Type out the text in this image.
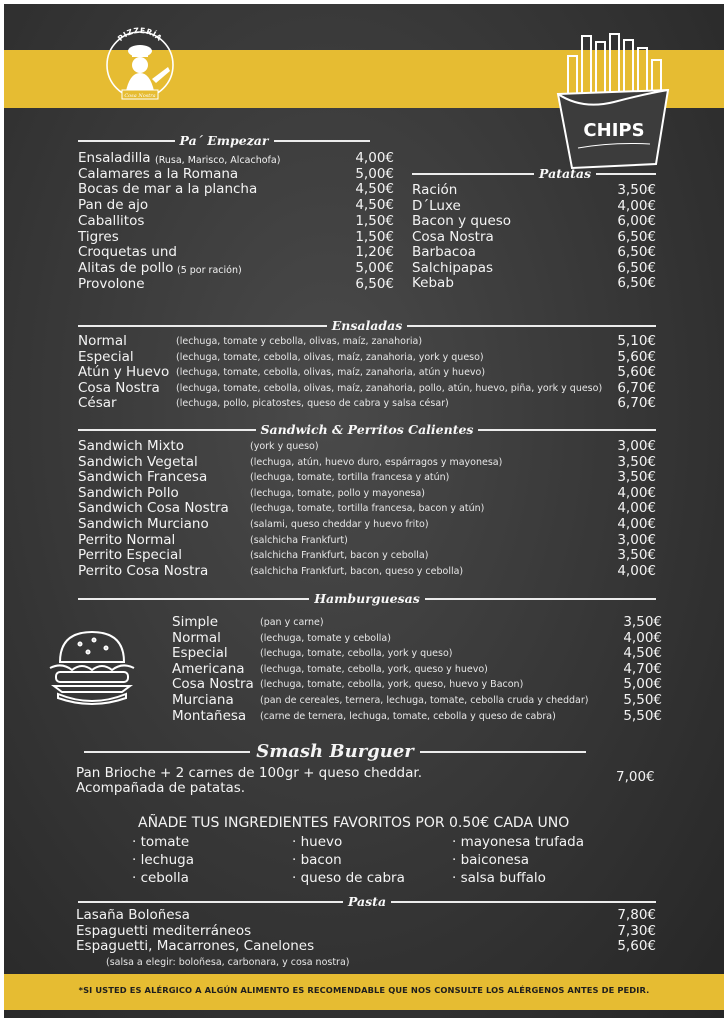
PIZZERÍA
Cosa Nostra
CHIPS
Pa´ Empezar
Ensaladilla (Rusa, Marisco, Alcachofa)	4,00€
Calamares a la Romana	5,00€
Bocas de mar a la plancha	4,50€
Pan de ajo	4,50€
Caballitos	1,50€
Tigres	1,50€
Croquetas und	1,20€
Alitas de pollo (5 por ración)	5,00€
Provolone	6,50€
Patatas
Ración	3,50€
D´Luxe	4,00€
Bacon y queso	6,00€
Cosa Nostra	6,50€
Barbacoa	6,50€
Salchipapas	6,50€
Kebab	6,50€
Ensaladas
Normal	(lechuga, tomate y cebolla, olivas, maíz, zanahoria)	5,10€
Especial	(lechuga, tomate, cebolla, olivas, maíz, zanahoria, york y queso)	5,60€
Atún y Huevo (lechuga, tomate, cebolla, olivas, maíz, zanahoria, atún y huevo)	5,60€
Cosa Nostra (lechuga, tomate, cebolla, olivas, maíz, zanahoria, pollo, atún, huevo, piña, york y queso) 6,70€
César	(lechuga, pollo, picatostes, queso de cabra y salsa césar)	6,70€
Sandwich & Perritos Calientes
Sandwich Mixto	(york y queso)	3,00€
Sandwich Vegetal	(lechuga, atún, huevo duro, espárragos y mayonesa)	3,50€
Sandwich Francesa	(lechuga, tomate, tortilla francesa y atún)	3,50€
Sandwich Pollo	(lechuga, tomate, pollo y mayonesa)	4,00€
Sandwich Cosa Nostra (lechuga, tomate, tortilla francesa, bacon y atún)	4,00€
Sandwich Murciano	(salami, queso cheddar y huevo frito)	4,00€
Perrito Normal	(salchicha Frankfurt)	3,00€
Perrito Especial	(salchicha Frankfurt, bacon y cebolla)	3,50€
Perrito Cosa Nostra	(salchicha Frankfurt, bacon, queso y cebolla)	4,00€
Hamburguesas
Simple	(pan y carne)	3,50€
Normal	(lechuga, tomate y cebolla)	4,00€
Especial	(lechuga, tomate, cebolla, york y queso)	4,50€
Americana (lechuga, tomate, cebolla, york, queso y huevo)	4,70€
Cosa Nostra (lechuga, tomate, cebolla, york, queso, huevo y Bacon)	5,00€
Murciana	(pan de cereales, ternera, lechuga, tomate, cebolla cruda y cheddar)	5,50€
Montañesa (carne de ternera, lechuga, tomate, cebolla y queso de cabra)	5,50€
Smash Burguer
Pan Brioche + 2 carnes de 100gr + queso cheddar.
Acompañada de patatas.
7,00€
AÑADE TUS INGREDIENTES FAVORITOS POR 0.50€ CADA UNO
· tomate
· lechuga
· cebolla
· huevo
· bacon
· queso de cabra
· mayonesa trufada
· baiconesa
· salsa buffalo
Pasta
Lasaña Boloñesa	7,80€
Espaguetti mediterráneos	7,30€
Espaguetti, Macarrones, Canelones	5,60€
(salsa a elegir: boloñesa, carbonara, y cosa nostra)
*SI USTED ES ALÉRGICO A ALGÚN ALIMENTO ES RECOMENDABLE QUE NOS CONSULTE LOS ALÉRGENOS ANTES DE PEDIR.
